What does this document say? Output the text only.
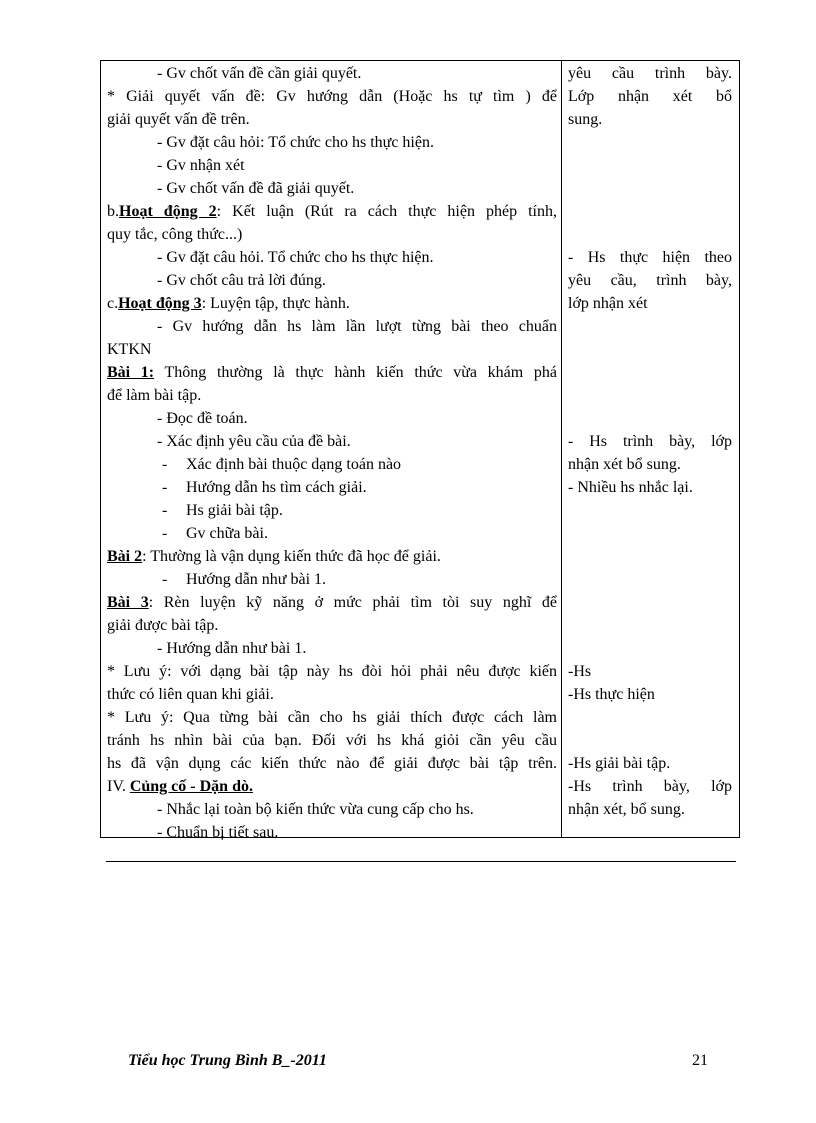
- Gv chốt vấn đề cần giải quyết.
* Giải quyết vấn đề: Gv hướng dẫn (Hoặc hs tự tìm ) để
giải quyết vấn đề trên.
- Gv đặt câu hỏi: Tổ chức cho hs thực hiện.
- Gv nhận xét
- Gv chốt vấn đề đã giải quyết.
b.Hoạt động 2: Kết luận (Rút ra cách thực hiện phép tính,
quy tắc, công thức...)
- Gv đặt câu hỏi. Tổ chức cho hs thực hiện.
- Gv chốt câu trả lời đúng.
c.Hoạt động 3: Luyện tập, thực hành.
- Gv hướng dẫn hs làm lần lượt từng bài theo chuẩn
KTKN
Bài 1: Thông thường là thực hành kiến thức vừa khám phá
để làm bài tập.
- Đọc đề toán.
- Xác định yêu cầu của đề bài.
- Xác định bài thuộc dạng toán nào
- Hướng dẫn hs tìm cách giải.
- Hs giải bài tập.
- Gv chữa bài.
Bài 2: Thường là vận dụng kiến thức đã học để giải.
- Hướng dẫn như bài 1.
Bài 3: Rèn luyện kỹ năng ở mức phải tìm tòi suy nghĩ để
giải được bài tập.
- Hướng dẫn như bài 1.
* Lưu ý: với dạng bài tập này hs đòi hỏi phải nêu được kiến
thức có liên quan khi giải.
* Lưu ý: Qua từng bài cần cho hs giải thích được cách làm
tránh hs nhìn bài của bạn. Đối với hs khá giỏi cần yêu cầu
hs đã vận dụng các kiến thức nào để giải được bài tập trên.
IV. Củng cố - Dặn dò.
- Nhắc lại toàn bộ kiến thức vừa cung cấp cho hs.
- Chuẩn bị tiết sau.
yêu cầu trình bày.
Lớp nhận xét bổ
sung.
- Hs thực hiện theo
yêu cầu, trình bày,
lớp nhận xét
- Hs trình bày, lớp
nhận xét bổ sung.
- Nhiều hs nhắc lại.
-Hs
-Hs thực hiện
-Hs giải bài tập.
-Hs trình bày, lớp
nhận xét, bổ sung.
Tiểu học Trung Bình B_-2011	21
